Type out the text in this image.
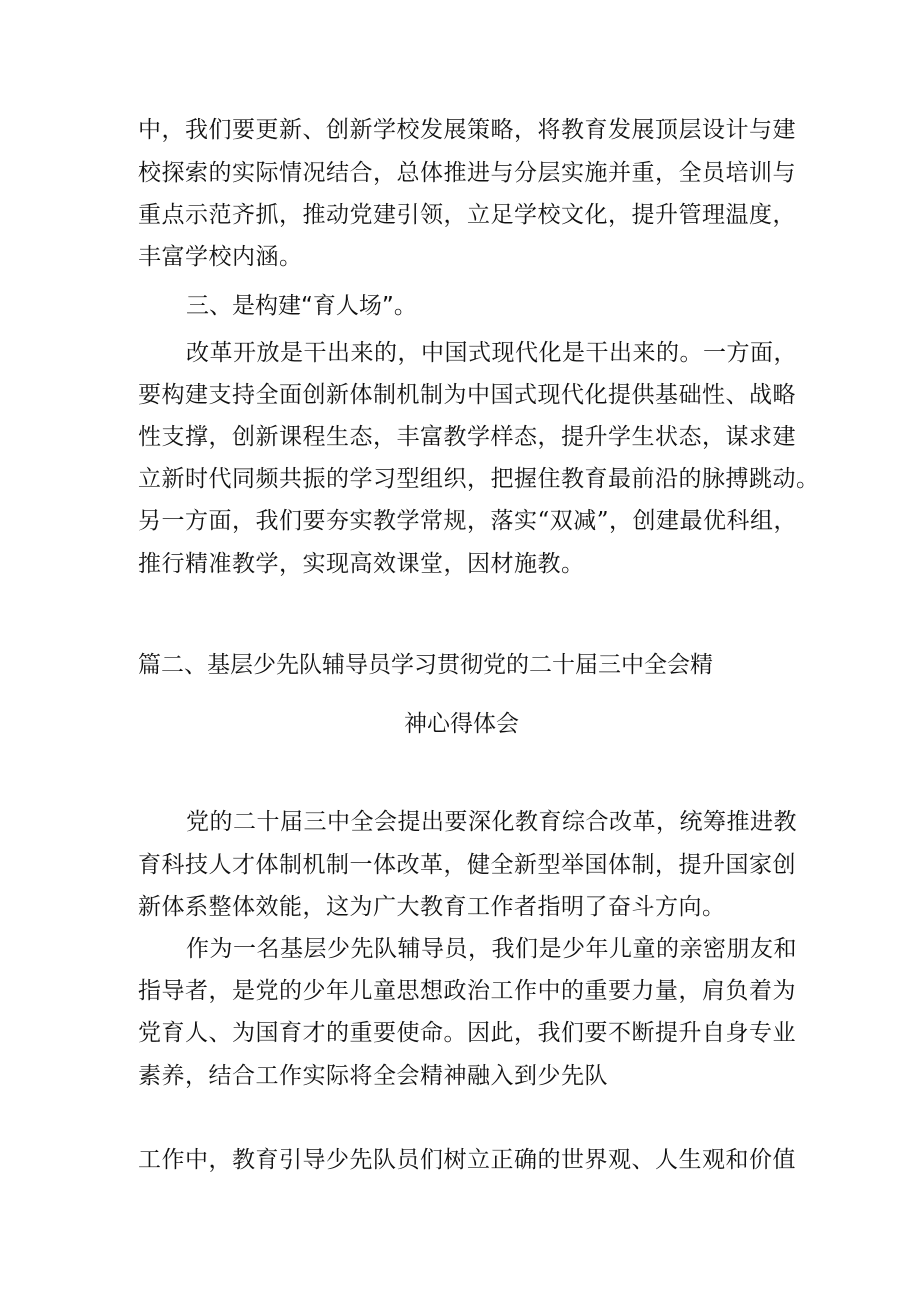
中，我们要更新、创新学校发展策略，将教育发展顶层设计与建
校探索的实际情况结合，总体推进与分层实施并重，全员培训与
重点示范齐抓，推动党建引领，立足学校文化，提升管理温度，
丰富学校内涵。
三、是构建“育人场”。
改革开放是干出来的，中国式现代化是干出来的。一方面，
要构建支持全面创新体制机制为中国式现代化提供基础性、战略
性支撑，创新课程生态，丰富教学样态，提升学生状态，谋求建
立新时代同频共振的学习型组织，把握住教育最前沿的脉搏跳动。
另一方面，我们要夯实教学常规，落实“双减”，创建最优科组，
推行精准教学，实现高效课堂，因材施教。
篇二、基层少先队辅导员学习贯彻党的二十届三中全会精
神心得体会
党的二十届三中全会提出要深化教育综合改革，统筹推进教
育科技人才体制机制一体改革，健全新型举国体制，提升国家创
新体系整体效能，这为广大教育工作者指明了奋斗方向。
作为一名基层少先队辅导员，我们是少年儿童的亲密朋友和
指导者，是党的少年儿童思想政治工作中的重要力量，肩负着为
党育人、为国育才的重要使命。因此，我们要不断提升自身专业
素养，结合工作实际将全会精神融入到少先队
工作中，教育引导少先队员们树立正确的世界观、人生观和价值
